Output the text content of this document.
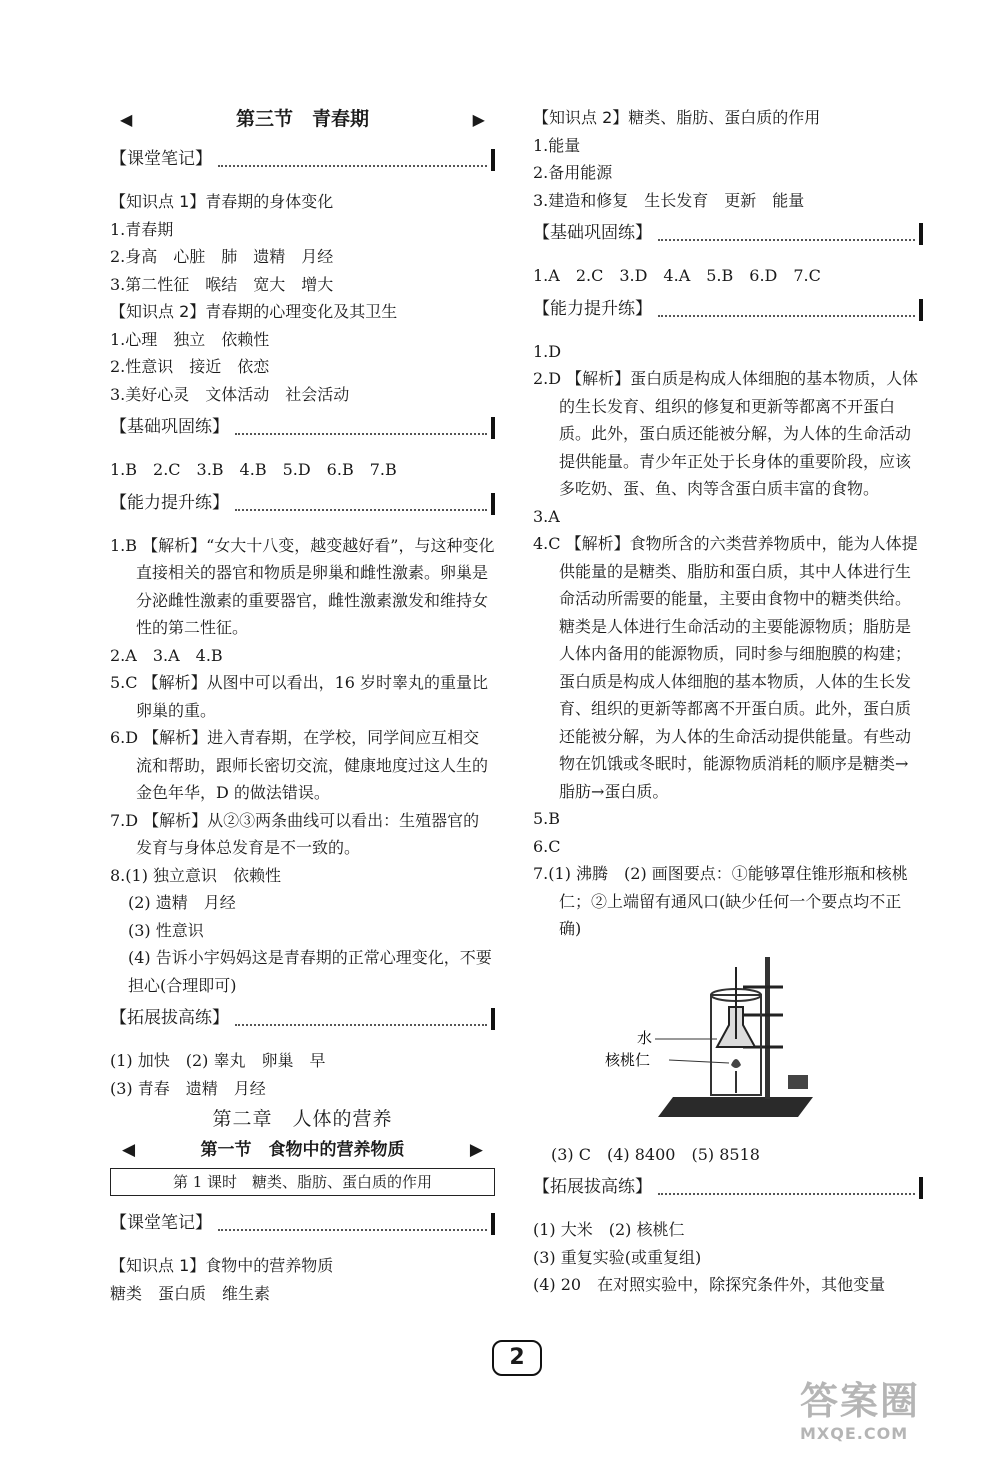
◀	第三节　青春期	▶
【课堂笔记】
【知识点 1】青春期的身体变化
1.青春期
2.身高　心脏　肺　遗精　月经
3.第二性征　喉结　宽大　增大
【知识点 2】青春期的心理变化及其卫生
1.心理　独立　依赖性
2.性意识　接近　依恋
3.美好心灵　文体活动　社会活动
【基础巩固练】
1.B　2.C　3.B　4.B　5.D　6.B　7.B
【能力提升练】
1.B 【解析】“女大十八变，越变越好看”，与这种变化直接相关的器官和物质是卵巢和雌性激素。卵巢是分泌雌性激素的重要器官，雌性激素激发和维持女性的第二性征。
2.A　3.A　4.B
5.C 【解析】从图中可以看出，16 岁时睾丸的重量比卵巢的重。
6.D 【解析】进入青春期，在学校，同学间应互相交流和帮助，跟师长密切交流，健康地度过这人生的金色年华，D 的做法错误。
7.D 【解析】从②③两条曲线可以看出：生殖器官的发育与身体总发育是不一致的。
8.(1) 独立意识　依赖性
(2) 遗精　月经
(3) 性意识
(4) 告诉小宇妈妈这是青春期的正常心理变化，不要担心(合理即可)
【拓展拔高练】
(1) 加快　(2) 睾丸　卵巢　早
(3) 青春　遗精　月经
第二章　人体的营养
◀	第一节　食物中的营养物质	▶
第 1 课时　糖类、脂肪、蛋白质的作用
【课堂笔记】
【知识点 1】食物中的营养物质
糖类　蛋白质　维生素
【知识点 2】糖类、脂肪、蛋白质的作用
1.能量
2.备用能源
3.建造和修复　生长发育　更新　能量
【基础巩固练】
1.A　2.C　3.D　4.A　5.B　6.D　7.C
【能力提升练】
1.D
2.D 【解析】蛋白质是构成人体细胞的基本物质，人体的生长发育、组织的修复和更新等都离不开蛋白质。此外，蛋白质还能被分解，为人体的生命活动提供能量。青少年正处于长身体的重要阶段，应该多吃奶、蛋、鱼、肉等含蛋白质丰富的食物。
3.A
4.C 【解析】食物所含的六类营养物质中，能为人体提供能量的是糖类、脂肪和蛋白质，其中人体进行生命活动所需要的能量，主要由食物中的糖类供给。糖类是人体进行生命活动的主要能源物质；脂肪是人体内备用的能源物质，同时参与细胞膜的构建；蛋白质是构成人体细胞的基本物质，人体的生长发育、组织的更新等都离不开蛋白质。此外，蛋白质还能被分解，为人体的生命活动提供能量。有些动物在饥饿或冬眠时，能源物质消耗的顺序是糖类→脂肪→蛋白质。
5.B
6.C
7.(1) 沸腾　(2) 画图要点：①能够罩住锥形瓶和核桃仁；②上端留有通风口(缺少任何一个要点均不正确)
水
核桃仁
(3) C　(4) 8400　(5) 8518
【拓展拔高练】
(1) 大米　(2) 核桃仁
(3) 重复实验(或重复组)
(4) 20　在对照实验中，除探究条件外，其他变量
2
答案圈
MXQE.COM
